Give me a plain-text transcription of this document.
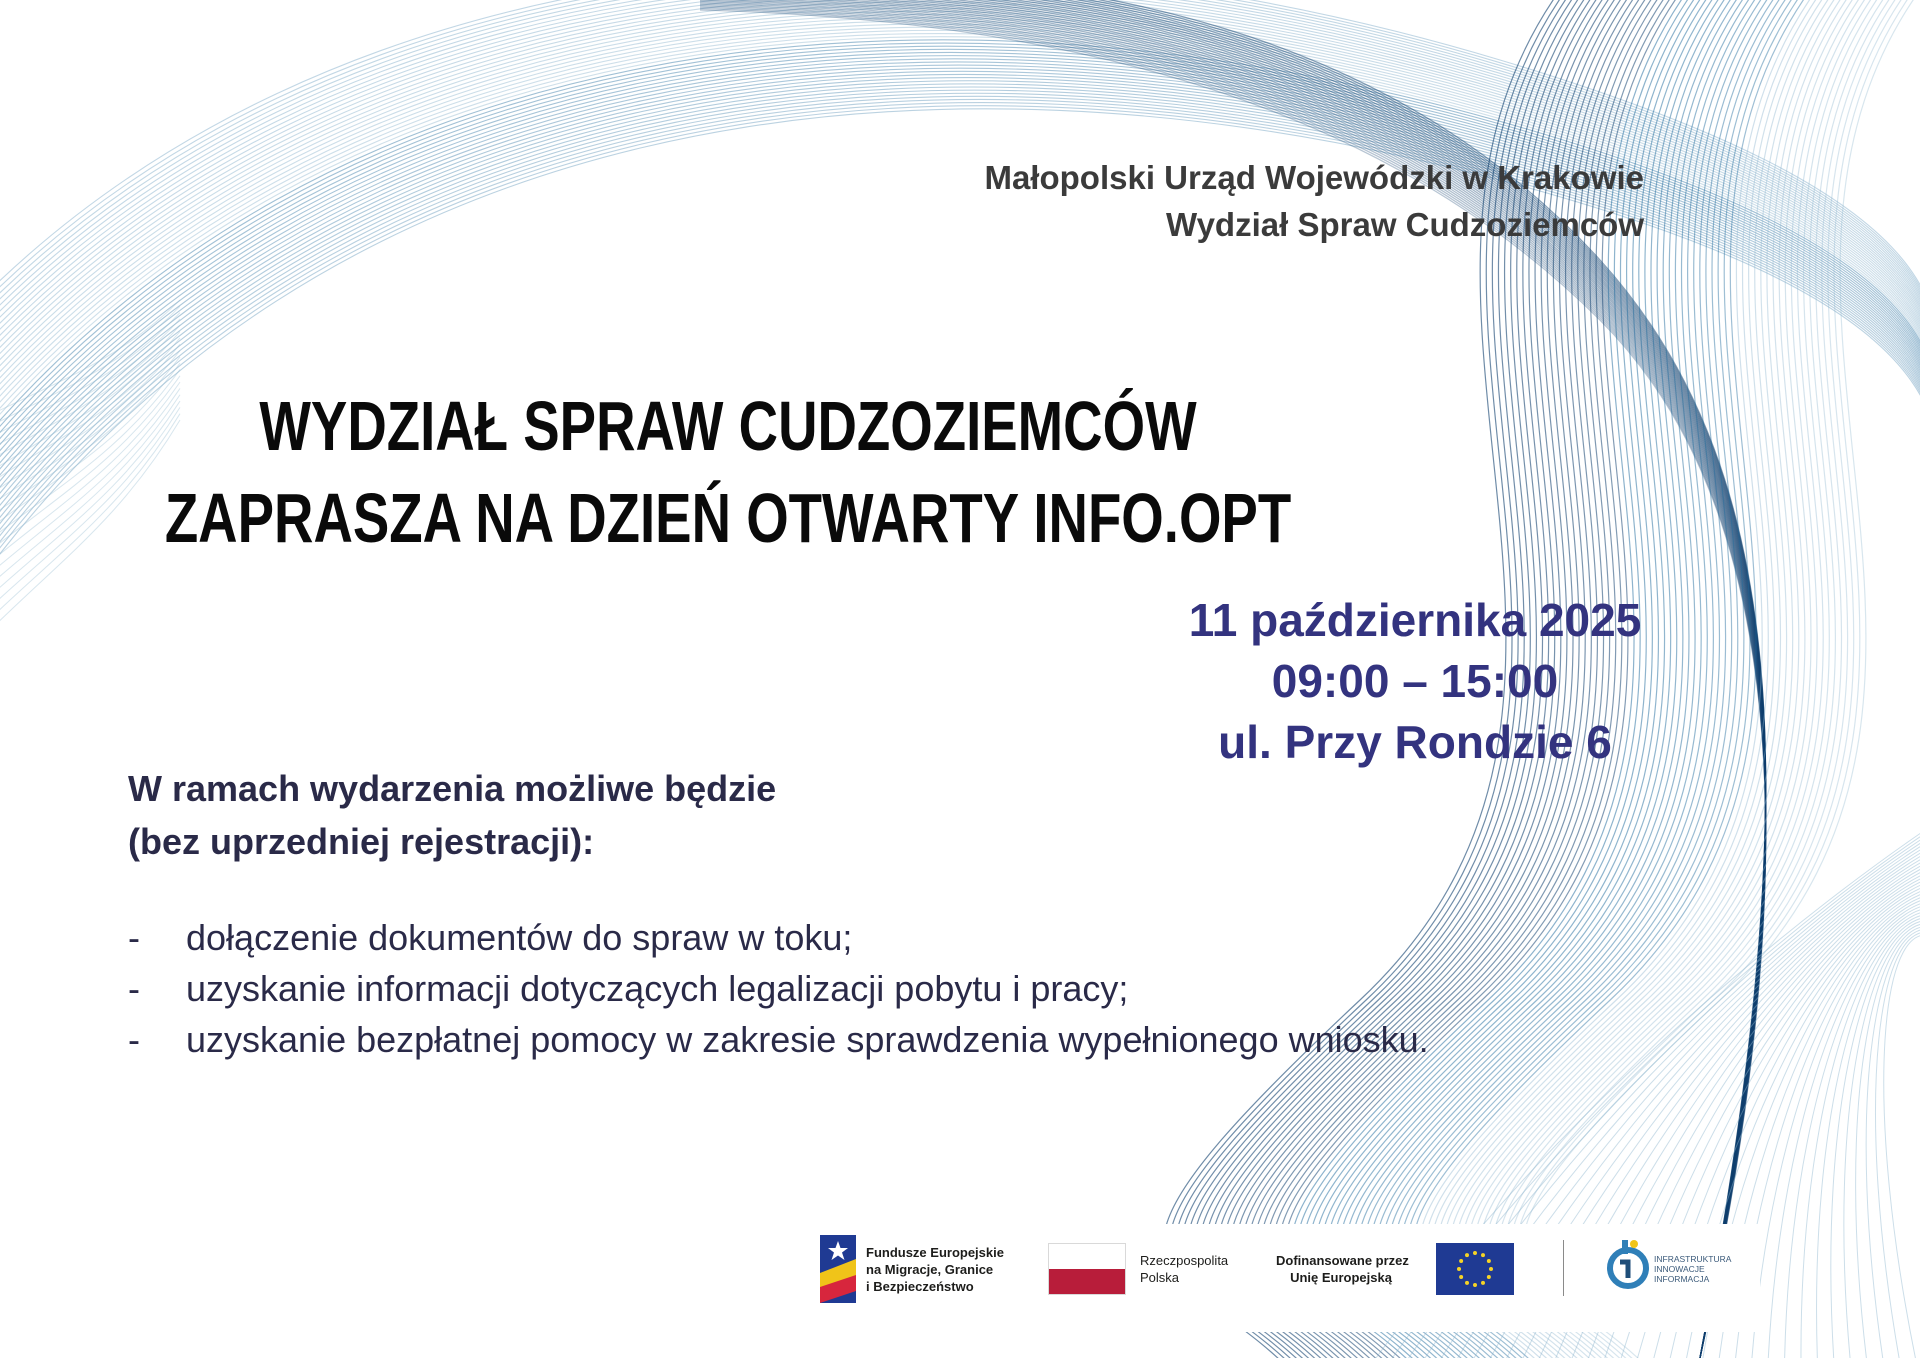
Małopolski Urząd Wojewódzki w Krakowie
Wydział Spraw Cudzoziemców
WYDZIAŁ SPRAW CUDZOZIEMCÓW
ZAPRASZA NA DZIEŃ OTWARTY INFO.OPT
11 października 2025
09:00 – 15:00
ul. Przy Rondzie 6
W ramach wydarzenia możliwe będzie
(bez uprzedniej rejestracji):
- dołączenie dokumentów do spraw w toku;
- uzyskanie informacji dotyczących legalizacji pobytu i pracy;
- uzyskanie bezpłatnej pomocy w zakresie sprawdzenia wypełnionego wniosku.
Fundusze Europejskie
na Migracje, Granice
i Bezpieczeństwo
Rzeczpospolita
Polska
Dofinansowane przez
Unię Europejską
INFRASTRUKTURA
INNOWACJE
INFORMACJA
